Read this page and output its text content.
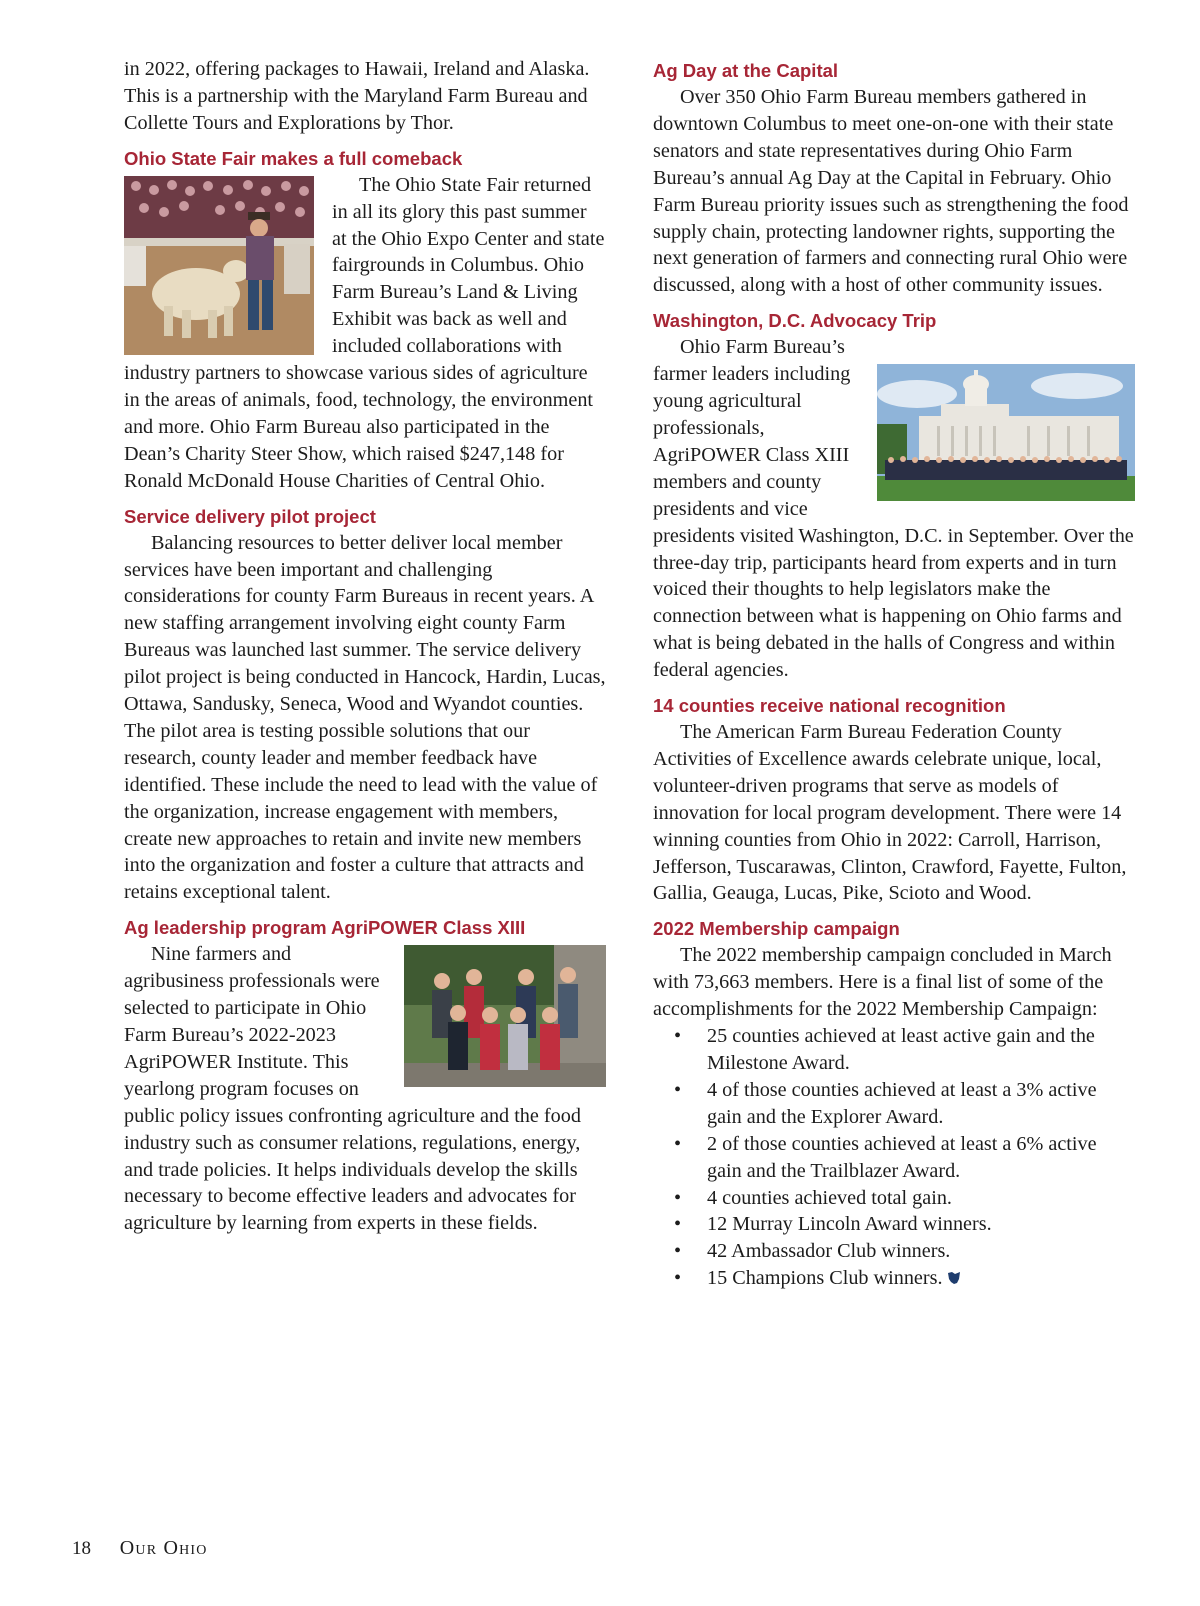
in 2022, offering packages to Hawaii, Ireland and Alaska. This is a partnership with the Maryland Farm Bureau and Collette Tours and Explorations by Thor.

Ohio State Fair makes a full comeback

The Ohio State Fair returned in all its glory this past summer at the Ohio Expo Center and state fairgrounds in Columbus. Ohio Farm Bureau’s Land & Living Exhibit was back as well and included collaborations with industry partners to showcase various sides of agriculture in the areas of animals, food, technology, the environment and more. Ohio Farm Bureau also participated in the Dean’s Charity Steer Show, which raised $247,148 for Ronald McDonald House Charities of Central Ohio.

Service delivery pilot project

Balancing resources to better deliver local member services have been important and challenging considerations for county Farm Bureaus in recent years. A new staffing arrangement involving eight county Farm Bureaus was launched last summer. The service delivery pilot project is being conducted in Hancock, Hardin, Lucas, Ottawa, Sandusky, Seneca, Wood and Wyandot counties. The pilot area is testing possible solutions that our research, county leader and member feedback have identified. These include the need to lead with the value of the organization, increase engagement with members, create new approaches to retain and invite new members into the organization and foster a culture that attracts and retains exceptional talent.

Ag leadership program AgriPOWER Class XIII

Nine farmers and agribusiness professionals were selected to participate in Ohio Farm Bureau’s 2022-2023 AgriPOWER Institute. This yearlong program focuses on public policy issues confronting agriculture and the food industry such as consumer relations, regulations, energy, and trade policies. It helps individuals develop the skills necessary to become effective leaders and advocates for agriculture by learning from experts in these fields.

Ag Day at the Capital

Over 350 Ohio Farm Bureau members gathered in downtown Columbus to meet one-on-one with their state senators and state representatives during Ohio Farm Bureau’s annual Ag Day at the Capital in February. Ohio Farm Bureau priority issues such as strengthening the food supply chain, protecting landowner rights, supporting the next generation of farmers and connecting rural Ohio were discussed, along with a host of other community issues.

Washington, D.C. Advocacy Trip

Ohio Farm Bureau’s farmer leaders including young agricultural professionals, AgriPOWER Class XIII members and county presidents and vice presidents visited Washington, D.C. in September. Over the three-day trip, participants heard from experts and in turn voiced their thoughts to help legislators make the connection between what is happening on Ohio farms and what is being debated in the halls of Congress and within federal agencies.

14 counties receive national recognition

The American Farm Bureau Federation County Activities of Excellence awards celebrate unique, local, volunteer-driven programs that serve as models of innovation for local program development. There were 14 winning counties from Ohio in 2022: Carroll, Harrison, Jefferson, Tuscarawas, Clinton, Crawford, Fayette, Fulton, Gallia, Geauga, Lucas, Pike, Scioto and Wood.

2022 Membership campaign

The 2022 membership campaign concluded in March with 73,663 members. Here is a final list of some of the accomplishments for the 2022 Membership Campaign:

• 25 counties achieved at least active gain and the Milestone Award.
• 4 of those counties achieved at least a 3% active gain and the Explorer Award.
• 2 of those counties achieved at least a 6% active gain and the Trailblazer Award.
• 4 counties achieved total gain.
• 12 Murray Lincoln Award winners.
• 42 Ambassador Club winners.
• 15 Champions Club winners.
18 Our Ohio
